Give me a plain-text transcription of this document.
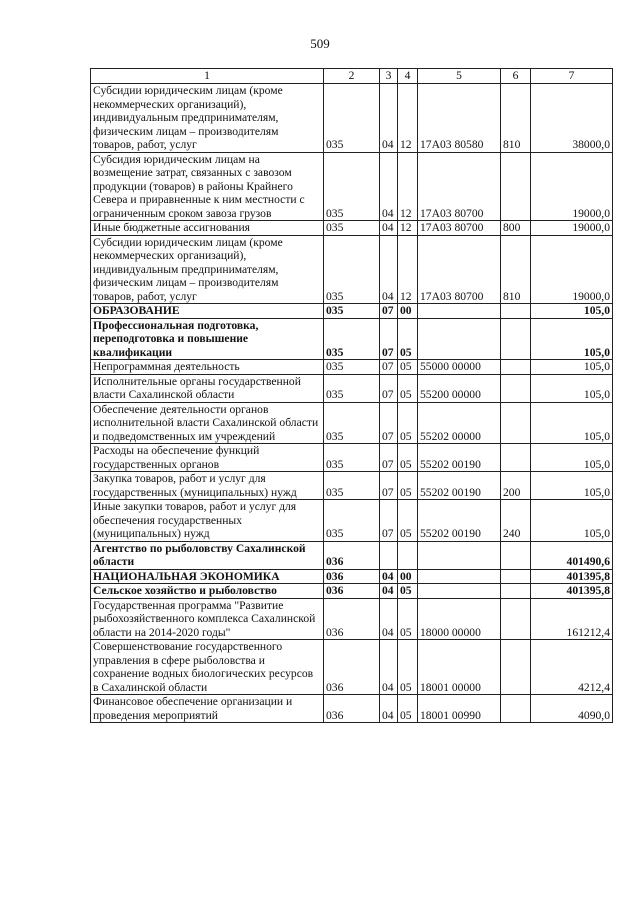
509
1	2	3	4	5	6	7
Субсидии юридическим лицам (кроме некоммерческих организаций), индивидуальным предпринимателям, физическим лицам – производителям товаров, работ, услуг	035	04	12	17А03 80580	810	38000,0
Субсидия юридическим лицам на возмещение затрат, связанных с завозом продукции (товаров) в районы Крайнего Севера и приравненные к ним местности с ограниченным сроком завоза грузов	035	04	12	17А03 80700		19000,0
Иные бюджетные ассигнования	035	04	12	17А03 80700	800	19000,0
Субсидии юридическим лицам (кроме некоммерческих организаций), индивидуальным предпринимателям, физическим лицам – производителям товаров, работ, услуг	035	04	12	17А03 80700	810	19000,0
ОБРАЗОВАНИЕ	035	07	00			105,0
Профессиональная подготовка, переподготовка и повышение квалификации	035	07	05			105,0
Непрограммная деятельность	035	07	05	55000 00000		105,0
Исполнительные органы государственной власти Сахалинской области	035	07	05	55200 00000		105,0
Обеспечение деятельности органов исполнительной власти Сахалинской области и подведомственных им учреждений	035	07	05	55202 00000		105,0
Расходы на обеспечение функций государственных органов	035	07	05	55202 00190		105,0
Закупка товаров, работ и услуг для государственных (муниципальных) нужд	035	07	05	55202 00190	200	105,0
Иные закупки товаров, работ и услуг для обеспечения государственных (муниципальных) нужд	035	07	05	55202 00190	240	105,0
Агентство по рыболовству Сахалинской области	036					401490,6
НАЦИОНАЛЬНАЯ ЭКОНОМИКА	036	04	00			401395,8
Сельское хозяйство и рыболовство	036	04	05			401395,8
Государственная программа "Развитие рыбохозяйственного комплекса Сахалинской области на 2014-2020 годы"	036	04	05	18000 00000		161212,4
Совершенствование государственного управления в сфере рыболовства и сохранение водных биологических ресурсов в Сахалинской области	036	04	05	18001 00000		4212,4
Финансовое обеспечение организации и проведения мероприятий	036	04	05	18001 00990		4090,0
